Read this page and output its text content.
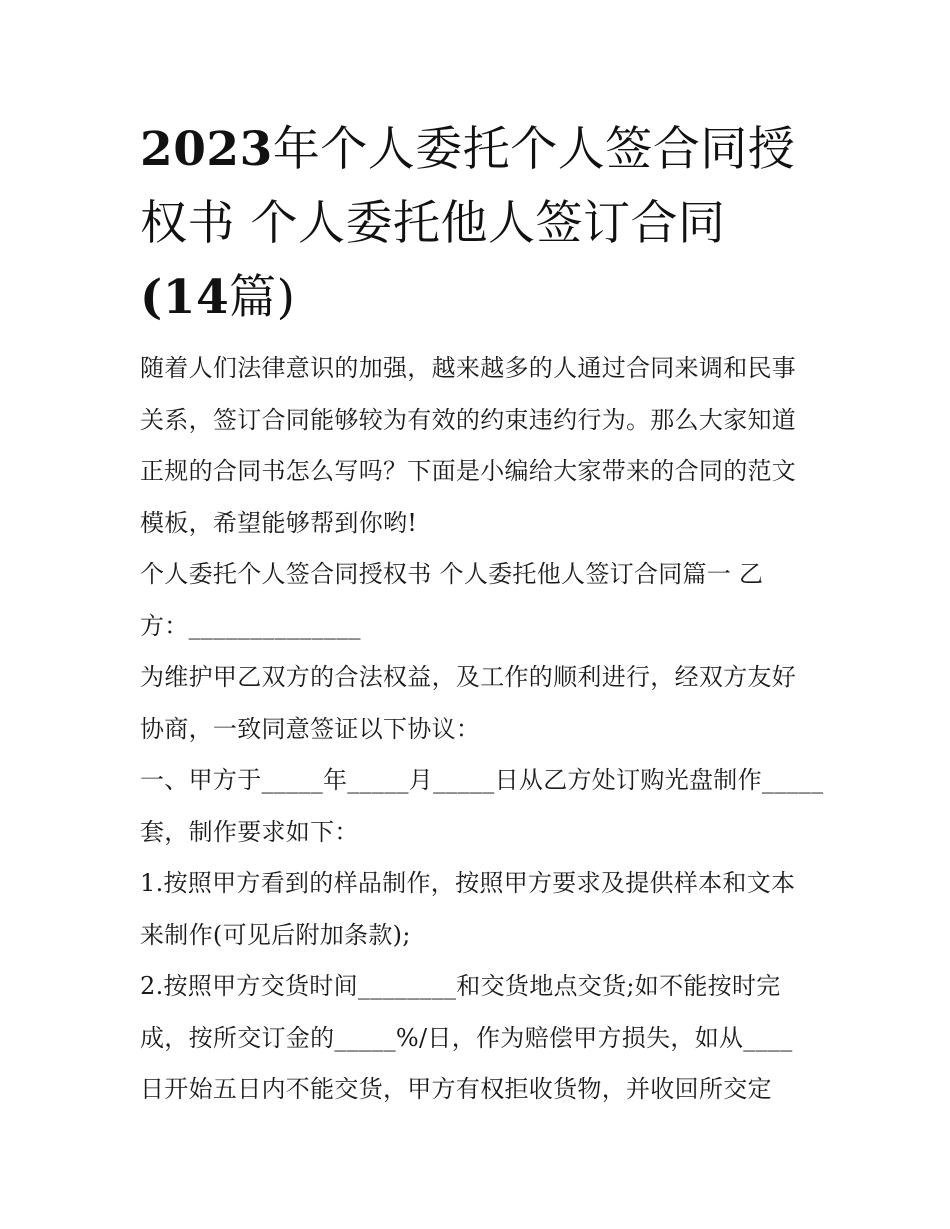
2023年个人委托个人签合同授
权书 个人委托他人签订合同
(14篇)
随着人们法律意识的加强，越来越多的人通过合同来调和民事
关系，签订合同能够较为有效的约束违约行为。那么大家知道
正规的合同书怎么写吗？下面是小编给大家带来的合同的范文
模板，希望能够帮到你哟!
个人委托个人签合同授权书 个人委托他人签订合同篇一 乙
方：______________
为维护甲乙双方的合法权益，及工作的顺利进行，经双方友好
协商，一致同意签证以下协议：
一、甲方于_____年_____月_____日从乙方处订购光盘制作_____
套，制作要求如下：
1.按照甲方看到的样品制作，按照甲方要求及提供样本和文本
来制作(可见后附加条款);
2.按照甲方交货时间________和交货地点交货;如不能按时完
成，按所交订金的_____%/日，作为赔偿甲方损失，如从____
日开始五日内不能交货，甲方有权拒收货物，并收回所交定
